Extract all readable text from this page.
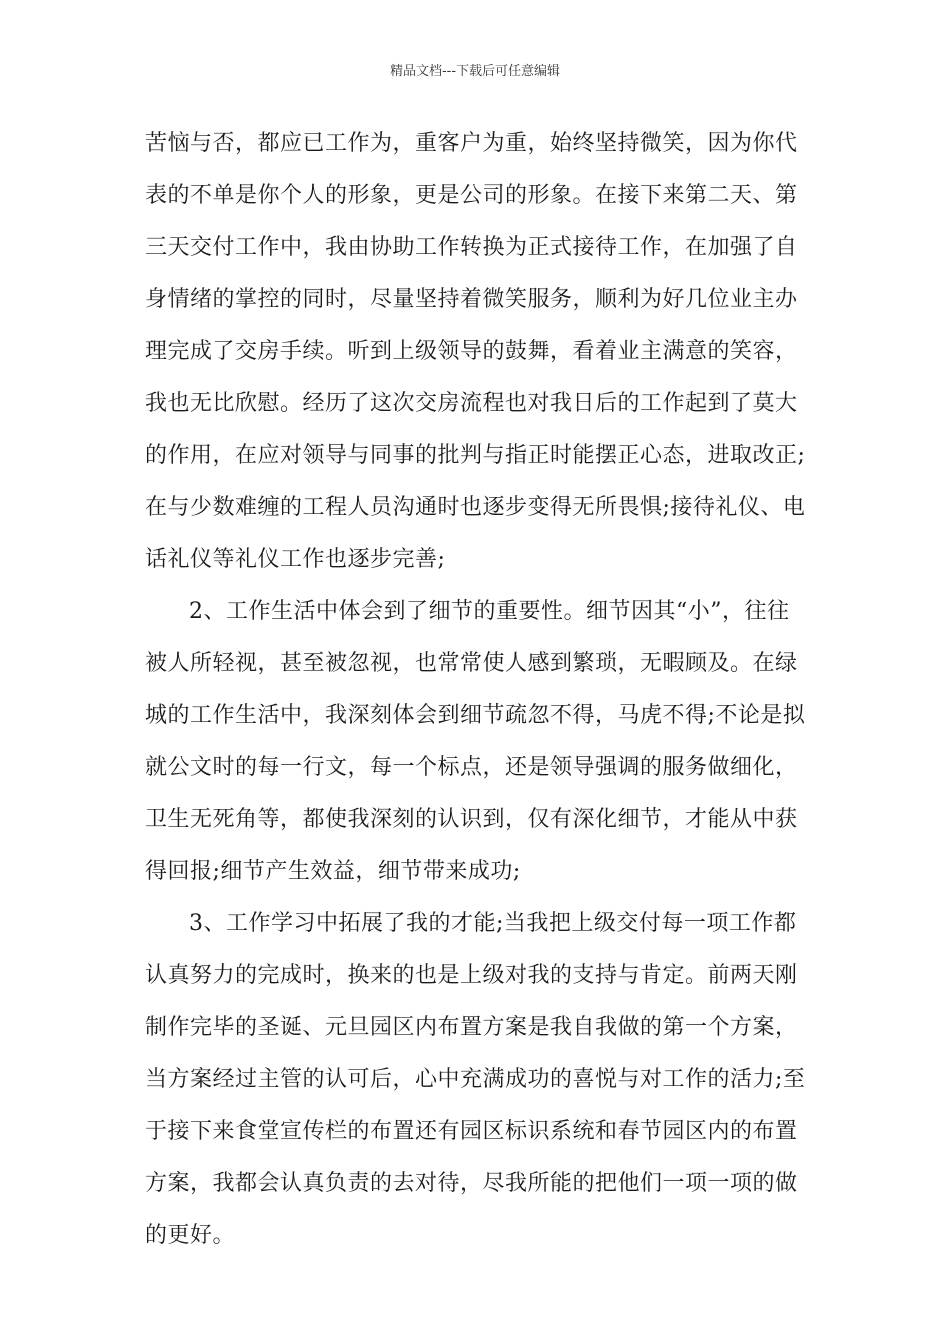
精品文档---下载后可任意编辑
苦恼与否，都应已工作为，重客户为重，始终坚持微笑，因为你代
表的不单是你个人的形象，更是公司的形象。在接下来第二天、第
三天交付工作中，我由协助工作转换为正式接待工作，在加强了自
身情绪的掌控的同时，尽量坚持着微笑服务，顺利为好几位业主办
理完成了交房手续。听到上级领导的鼓舞，看着业主满意的笑容，
我也无比欣慰。经历了这次交房流程也对我日后的工作起到了莫大
的作用，在应对领导与同事的批判与指正时能摆正心态，进取改正;
在与少数难缠的工程人员沟通时也逐步变得无所畏惧;接待礼仪、电
话礼仪等礼仪工作也逐步完善;
2、工作生活中体会到了细节的重要性。细节因其“小”，往往
被人所轻视，甚至被忽视，也常常使人感到繁琐，无暇顾及。在绿
城的工作生活中，我深刻体会到细节疏忽不得，马虎不得;不论是拟
就公文时的每一行文，每一个标点，还是领导强调的服务做细化，
卫生无死角等，都使我深刻的认识到，仅有深化细节，才能从中获
得回报;细节产生效益，细节带来成功;
3、工作学习中拓展了我的才能;当我把上级交付每一项工作都
认真努力的完成时，换来的也是上级对我的支持与肯定。前两天刚
制作完毕的圣诞、元旦园区内布置方案是我自我做的第一个方案，
当方案经过主管的认可后，心中充满成功的喜悦与对工作的活力;至
于接下来食堂宣传栏的布置还有园区标识系统和春节园区内的布置
方案，我都会认真负责的去对待，尽我所能的把他们一项一项的做
的更好。
